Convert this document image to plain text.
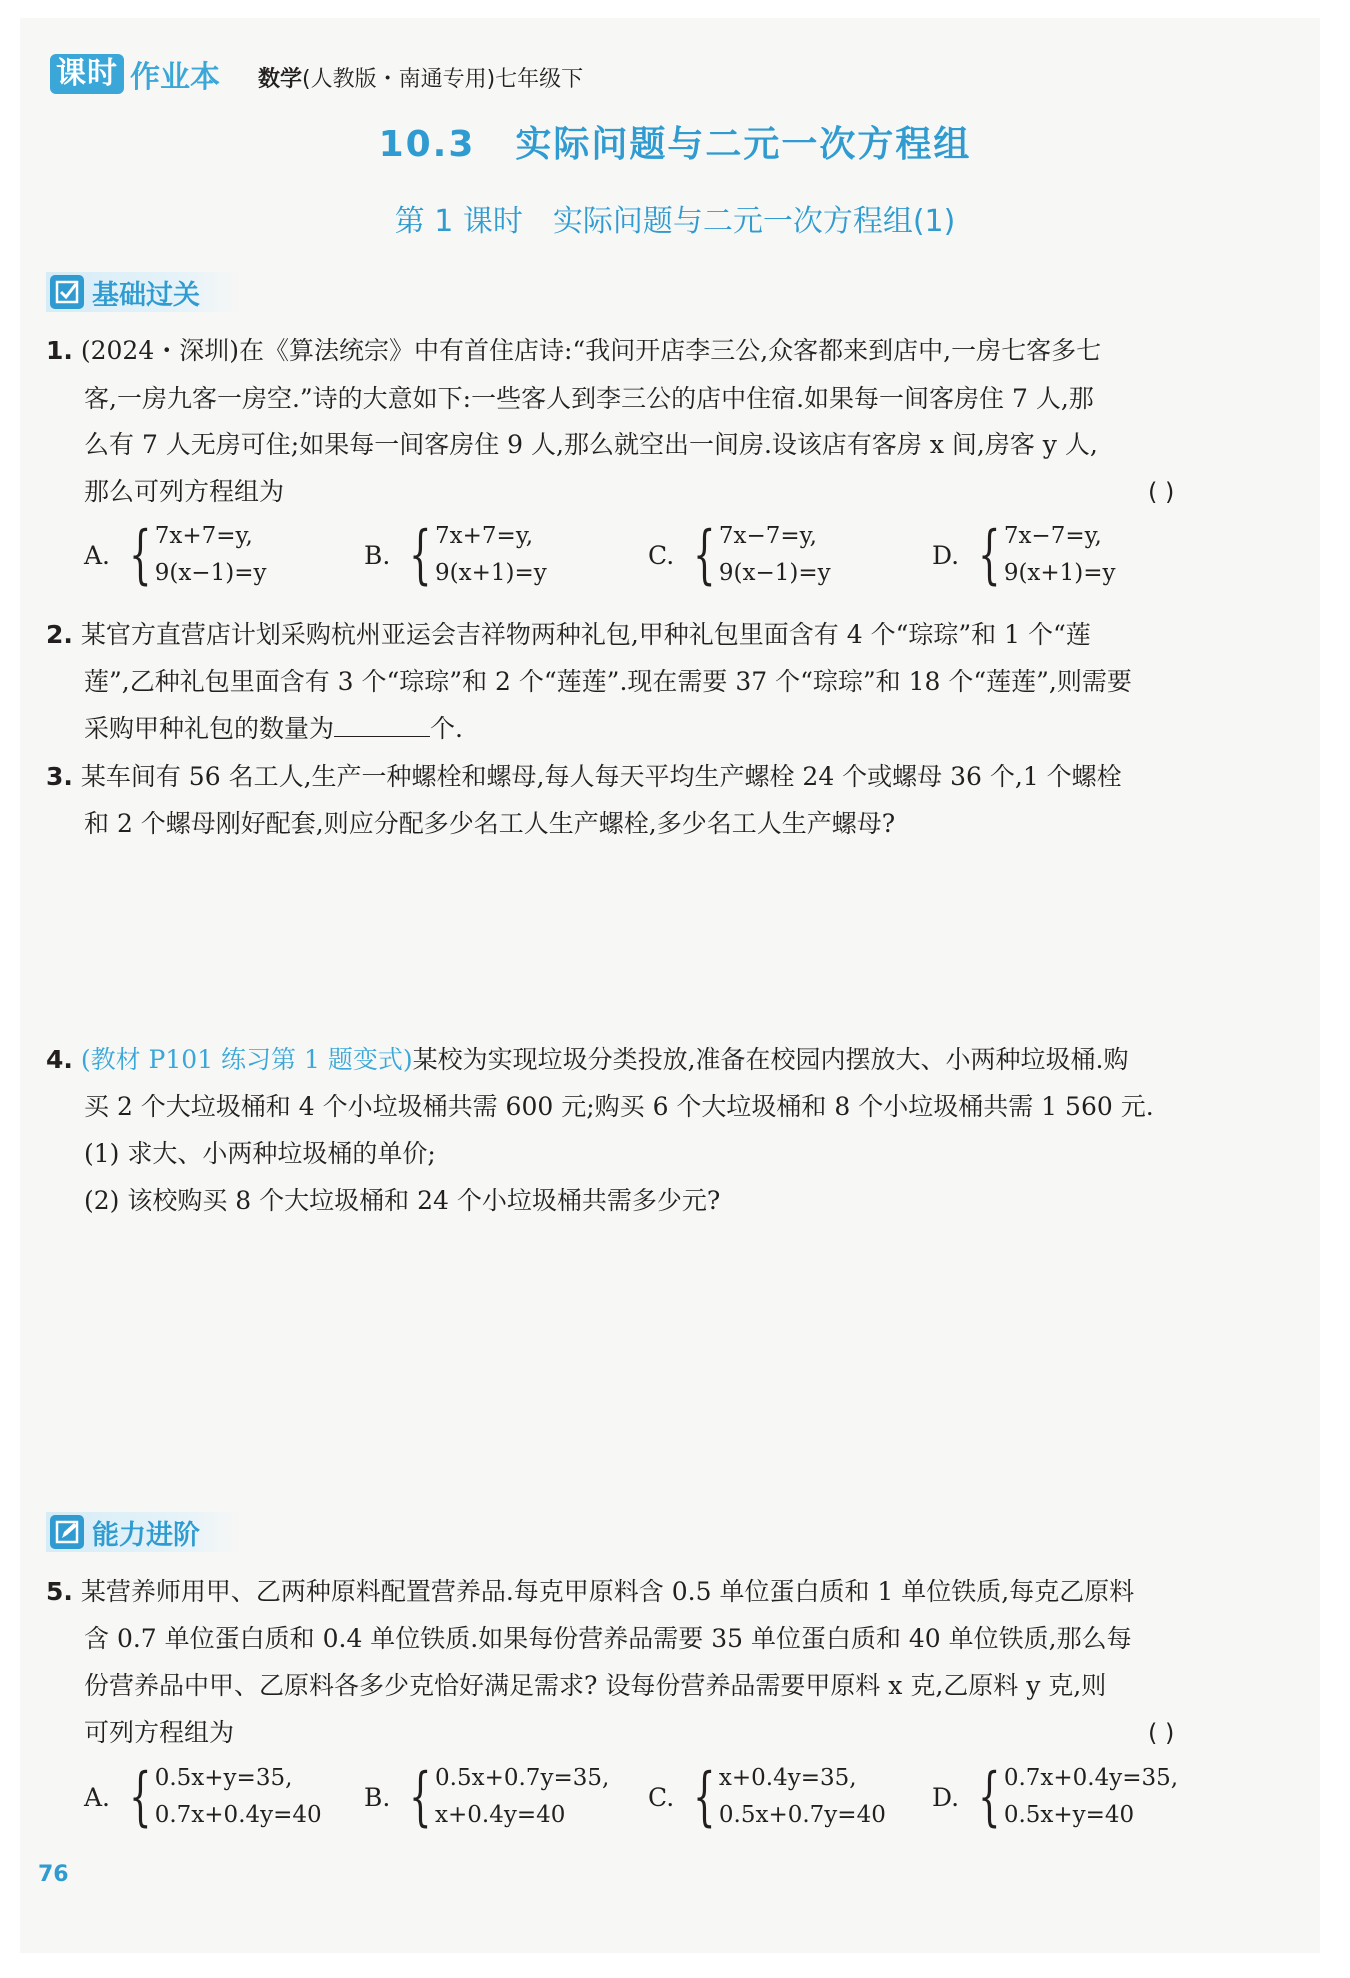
课时 作业本 数学(人教版・南通专用)七年级下
10.3 实际问题与二元一次方程组
第 1 课时 实际问题与二元一次方程组(1)
基础过关
1. (2024・深圳)在《算法统宗》中有首住店诗:“我问开店李三公,众客都来到店中,一房七客多七
客,一房九客一房空.”诗的大意如下:一些客人到李三公的店中住宿.如果每一间客房住 7 人,那
么有 7 人无房可住;如果每一间客房住 9 人,那么就空出一间房.设该店有客房 x 间,房客 y 人,
那么可列方程组为	( )
A. { 7x+7=y,
9(x−1)=y
B. { 7x+7=y,
9(x+1)=y
C. { 7x−7=y,
9(x−1)=y
D. { 7x−7=y,
9(x+1)=y
2. 某官方直营店计划采购杭州亚运会吉祥物两种礼包,甲种礼包里面含有 4 个“琮琮”和 1 个“莲
莲”,乙种礼包里面含有 3 个“琮琮”和 2 个“莲莲”.现在需要 37 个“琮琮”和 18 个“莲莲”,则需要
采购甲种礼包的数量为	个.
3. 某车间有 56 名工人,生产一种螺栓和螺母,每人每天平均生产螺栓 24 个或螺母 36 个,1 个螺栓
和 2 个螺母刚好配套,则应分配多少名工人生产螺栓,多少名工人生产螺母?
4. (教材 P101 练习第 1 题变式)某校为实现垃圾分类投放,准备在校园内摆放大、小两种垃圾桶.购
买 2 个大垃圾桶和 4 个小垃圾桶共需 600 元;购买 6 个大垃圾桶和 8 个小垃圾桶共需 1 560 元.
(1) 求大、小两种垃圾桶的单价;
(2) 该校购买 8 个大垃圾桶和 24 个小垃圾桶共需多少元?
能力进阶
5. 某营养师用甲、乙两种原料配置营养品.每克甲原料含 0.5 单位蛋白质和 1 单位铁质,每克乙原料
含 0.7 单位蛋白质和 0.4 单位铁质.如果每份营养品需要 35 单位蛋白质和 40 单位铁质,那么每
份营养品中甲、乙原料各多少克恰好满足需求? 设每份营养品需要甲原料 x 克,乙原料 y 克,则
可列方程组为	( )
A. { 0.5x+y=35,
0.7x+0.4y=40
B. { 0.5x+0.7y=35,
x+0.4y=40
C. { x+0.4y=35,
0.5x+0.7y=40
D. { 0.7x+0.4y=35,
0.5x+y=40
76
